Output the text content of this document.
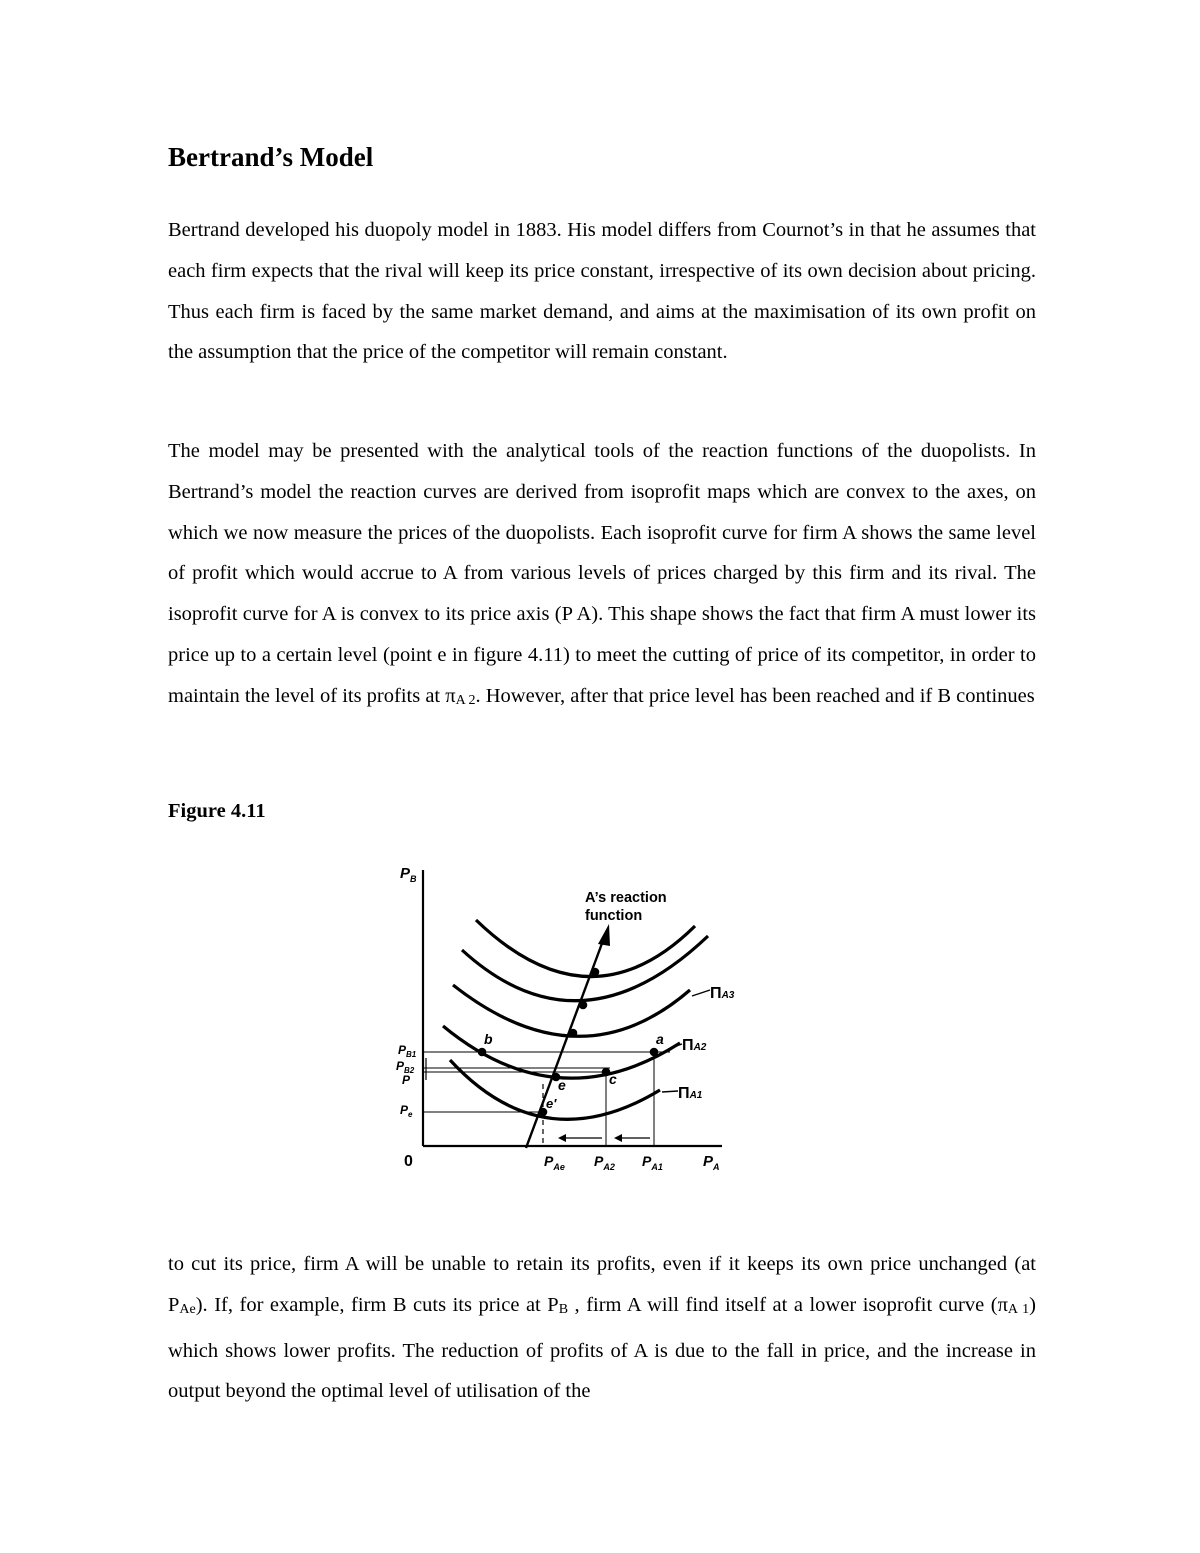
Bertrand’s Model

Bertrand developed his duopoly model in 1883. His model differs from Cournot’s in that he assumes that each firm expects that the rival will keep its price constant, irrespective of its own decision about pricing. Thus each firm is faced by the same market demand, and aims at the maximisation of its own profit on the assumption that the price of the competitor will remain constant.

The model may be presented with the analytical tools of the reaction functions of the duopolists. In Bertrand’s model the reaction curves are derived from isoprofit maps which are convex to the axes, on which we now measure the prices of the duopolists. Each isoprofit curve for firm A shows the same level of profit which would accrue to A from various levels of prices charged by this firm and its rival. The isoprofit curve for A is convex to its price axis (P A). This shape shows the fact that firm A must lower its price up to a certain level (point e in figure 4.11) to meet the cutting of price of its competitor, in order to maintain the level of its profits at πA 2. However, after that price level has been reached and if B continues

Figure 4.11

$P_B$
0	$P_A$
A’s reaction
function
ΠA3
ΠA2
ΠA1
$P_{B1}$
$P_{B2}$
P
$P_e$
$P_{Ae}$ $P_{A2}$ $P_{A1}$
b	a
e	c
e′

to cut its price, firm A will be unable to retain its profits, even if it keeps its own price unchanged (at PAe). If, for example, firm B cuts its price at PB , firm A will find itself at a lower isoprofit curve (πA 1) which shows lower profits. The reduction of profits of A is due to the fall in price, and the increase in output beyond the optimal level of utilisation of the
